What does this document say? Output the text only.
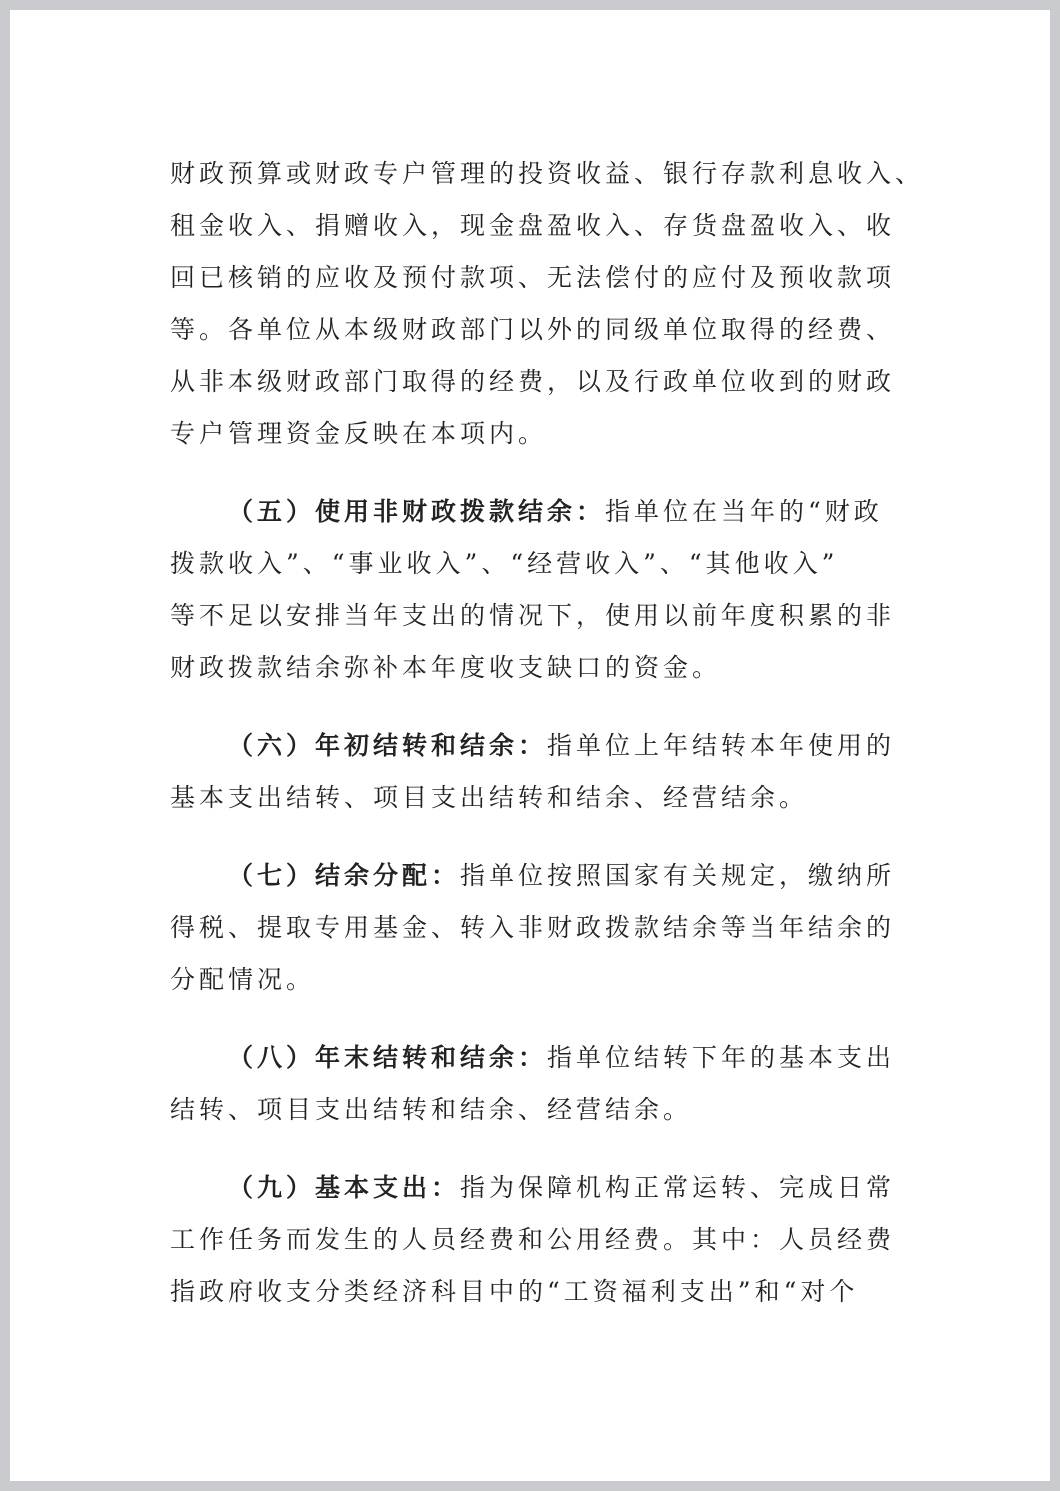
财政预算或财政专户管理的投资收益、银行存款利息收入、
租金收入、捐赠收入，现金盘盈收入、存货盘盈收入、收
回已核销的应收及预付款项、无法偿付的应付及预收款项
等。各单位从本级财政部门以外的同级单位取得的经费、
从非本级财政部门取得的经费，以及行政单位收到的财政
专户管理资金反映在本项内。
（五）使用非财政拨款结余：指单位在当年的“财政
拨款收入”、“事业收入”、“经营收入”、“其他收入”
等不足以安排当年支出的情况下，使用以前年度积累的非
财政拨款结余弥补本年度收支缺口的资金。
（六）年初结转和结余：指单位上年结转本年使用的
基本支出结转、项目支出结转和结余、经营结余。
（七）结余分配：指单位按照国家有关规定，缴纳所
得税、提取专用基金、转入非财政拨款结余等当年结余的
分配情况。
（八）年末结转和结余：指单位结转下年的基本支出
结转、项目支出结转和结余、经营结余。
（九）基本支出：指为保障机构正常运转、完成日常
工作任务而发生的人员经费和公用经费。其中：人员经费
指政府收支分类经济科目中的“工资福利支出”和“对个
